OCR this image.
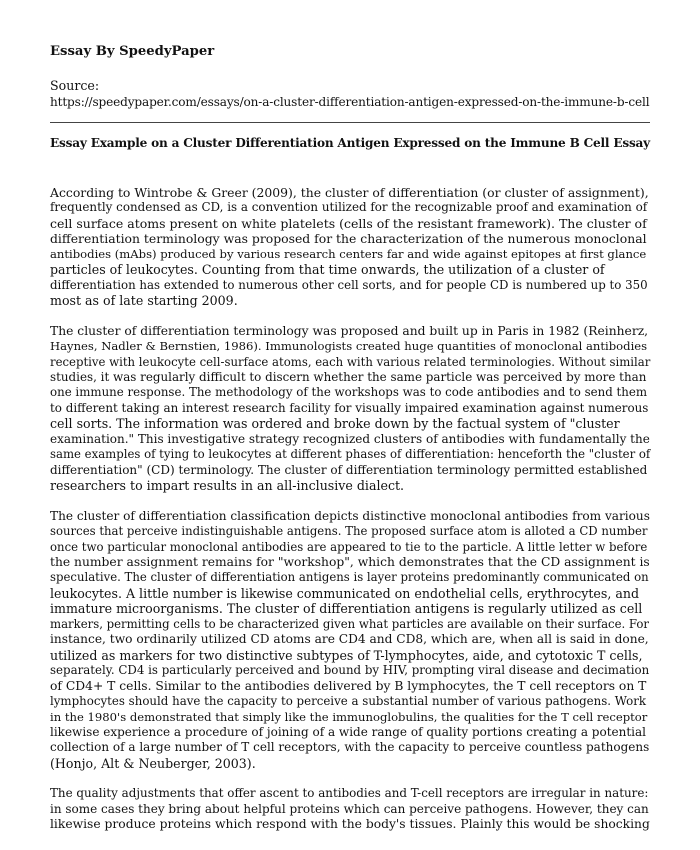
Essay By SpeedyPaper
Source:
https://speedypaper.com/essays/on-a-cluster-differentiation-antigen-expressed-on-the-immune-b-cell
Essay Example on a Cluster Differentiation Antigen Expressed on the Immune B Cell Essay

According to Wintrobe & Greer (2009), the cluster of differentiation (or cluster of assignment),
frequently condensed as CD, is a convention utilized for the recognizable proof and examination of
cell surface atoms present on white platelets (cells of the resistant framework). The cluster of
differentiation terminology was proposed for the characterization of the numerous monoclonal
antibodies (mAbs) produced by various research centers far and wide against epitopes at first glance
particles of leukocytes. Counting from that time onwards, the utilization of a cluster of
differentiation has extended to numerous other cell sorts, and for people CD is numbered up to 350
most as of late starting 2009.

The cluster of differentiation terminology was proposed and built up in Paris in 1982 (Reinherz,
Haynes, Nadler & Bernstien, 1986). Immunologists created huge quantities of monoclonal antibodies
receptive with leukocyte cell-surface atoms, each with various related terminologies. Without similar
studies, it was regularly difficult to discern whether the same particle was perceived by more than
one immune response. The methodology of the workshops was to code antibodies and to send them
to different taking an interest research facility for visually impaired examination against numerous
cell sorts. The information was ordered and broke down by the factual system of "cluster
examination." This investigative strategy recognized clusters of antibodies with fundamentally the
same examples of tying to leukocytes at different phases of differentiation: henceforth the "cluster of
differentiation" (CD) terminology. The cluster of differentiation terminology permitted established
researchers to impart results in an all-inclusive dialect.

The cluster of differentiation classification depicts distinctive monoclonal antibodies from various
sources that perceive indistinguishable antigens. The proposed surface atom is alloted a CD number
once two particular monoclonal antibodies are appeared to tie to the particle. A little letter w before
the number assignment remains for "workshop", which demonstrates that the CD assignment is
speculative. The cluster of differentiation antigens is layer proteins predominantly communicated on
leukocytes. A little number is likewise communicated on endothelial cells, erythrocytes, and
immature microorganisms. The cluster of differentiation antigens is regularly utilized as cell
markers, permitting cells to be characterized given what particles are available on their surface. For
instance, two ordinarily utilized CD atoms are CD4 and CD8, which are, when all is said in done,
utilized as markers for two distinctive subtypes of T-lymphocytes, aide, and cytotoxic T cells,
separately. CD4 is particularly perceived and bound by HIV, prompting viral disease and decimation
of CD4+ T cells. Similar to the antibodies delivered by B lymphocytes, the T cell receptors on T
lymphocytes should have the capacity to perceive a substantial number of various pathogens. Work
in the 1980's demonstrated that simply like the immunoglobulins, the qualities for the T cell receptor
likewise experience a procedure of joining of a wide range of quality portions creating a potential
collection of a large number of T cell receptors, with the capacity to perceive countless pathogens
(Honjo, Alt & Neuberger, 2003).

The quality adjustments that offer ascent to antibodies and T-cell receptors are irregular in nature:
in some cases they bring about helpful proteins which can perceive pathogens. However, they can
likewise produce proteins which respond with the body's tissues. Plainly this would be shocking
